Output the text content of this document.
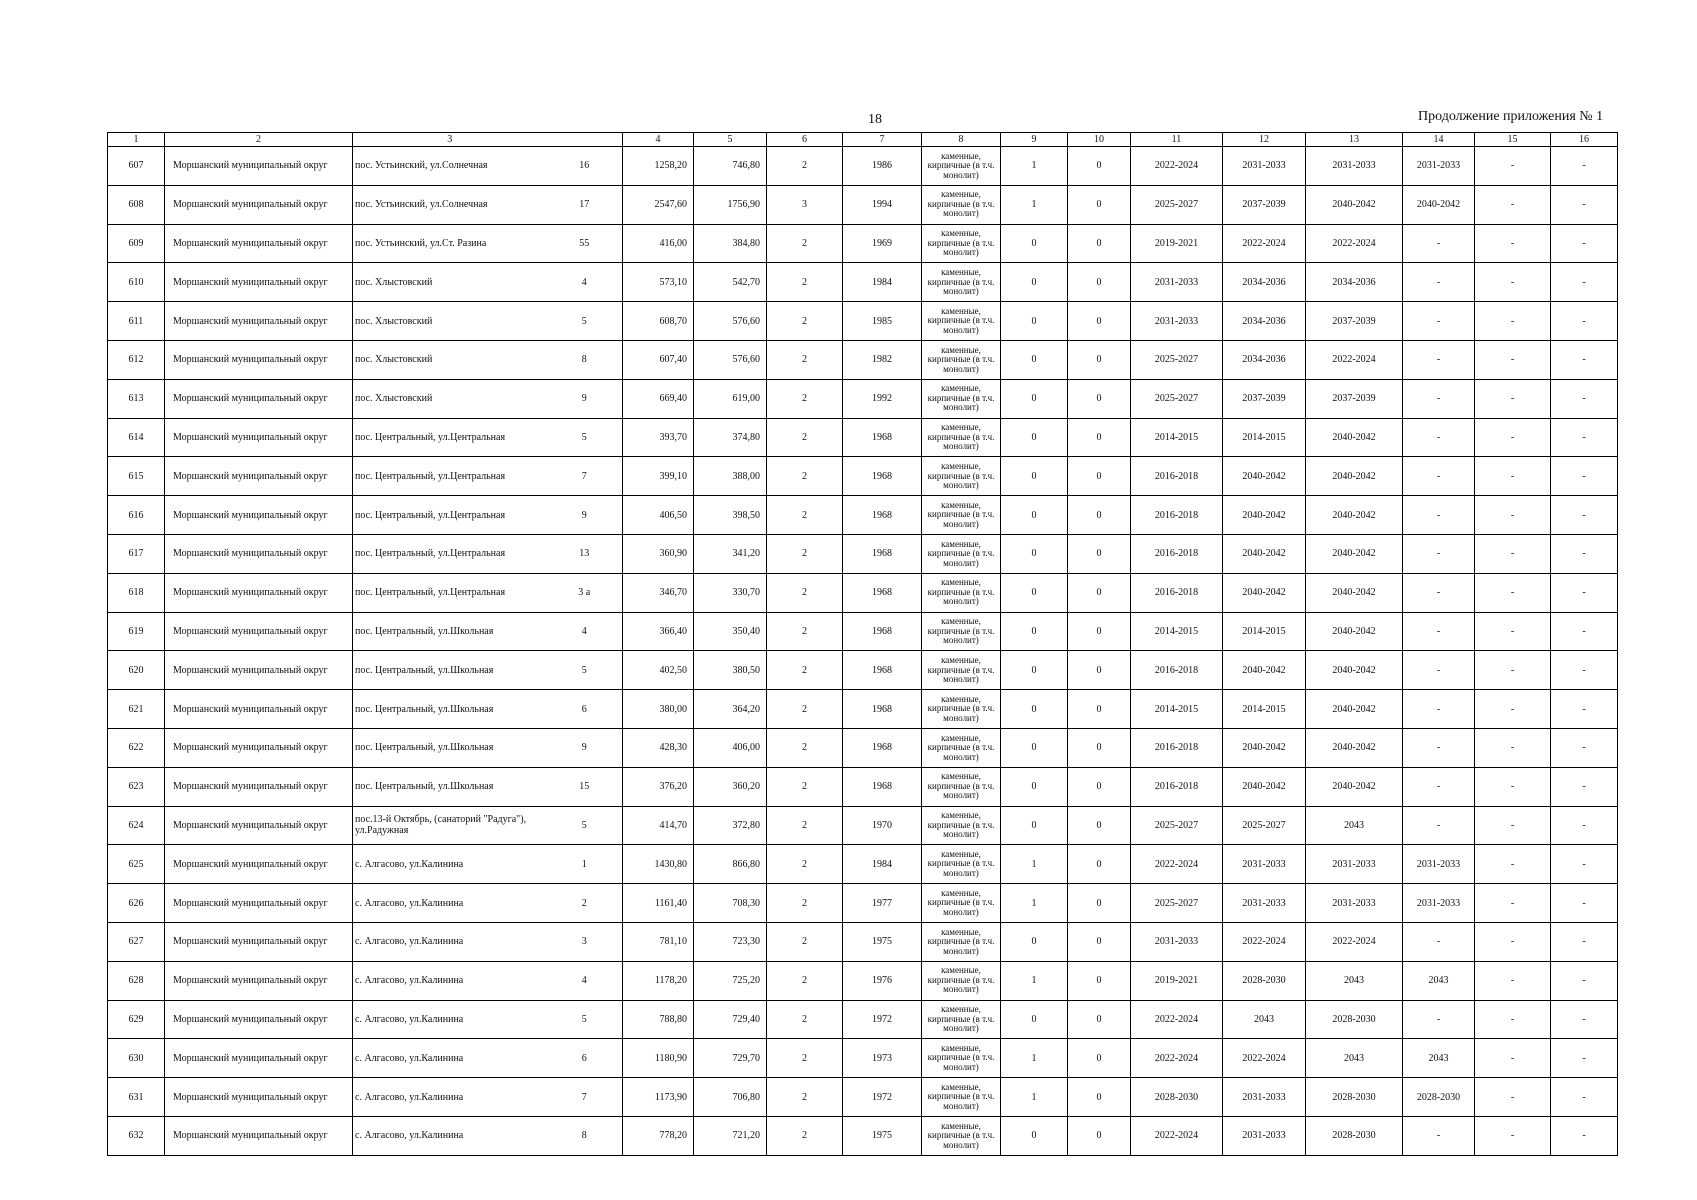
18	Продолжение приложения № 1
1	2	3		4	5	6	7	8	9	10	11	12	13	14	15	16
607	Моршанский муниципальный округ	пос. Устьинский, ул.Солнечная	16	1258,20	746,80	2	1986	каменные, кирпичные (в т.ч. монолит)	1	0	2022-2024	2031-2033	2031-2033	2031-2033	-	-
608	Моршанский муниципальный округ	пос. Устьинский, ул.Солнечная	17	2547,60	1756,90	3	1994	каменные, кирпичные (в т.ч. монолит)	1	0	2025-2027	2037-2039	2040-2042	2040-2042	-	-
609	Моршанский муниципальный округ	пос. Устьинский, ул.Ст. Разина	55	416,00	384,80	2	1969	каменные, кирпичные (в т.ч. монолит)	0	0	2019-2021	2022-2024	2022-2024	-	-	-
610	Моршанский муниципальный округ	пос. Хлыстовский	4	573,10	542,70	2	1984	каменные, кирпичные (в т.ч. монолит)	0	0	2031-2033	2034-2036	2034-2036	-	-	-
611	Моршанский муниципальный округ	пос. Хлыстовский	5	608,70	576,60	2	1985	каменные, кирпичные (в т.ч. монолит)	0	0	2031-2033	2034-2036	2037-2039	-	-	-
612	Моршанский муниципальный округ	пос. Хлыстовский	8	607,40	576,60	2	1982	каменные, кирпичные (в т.ч. монолит)	0	0	2025-2027	2034-2036	2022-2024	-	-	-
613	Моршанский муниципальный округ	пос. Хлыстовский	9	669,40	619,00	2	1992	каменные, кирпичные (в т.ч. монолит)	0	0	2025-2027	2037-2039	2037-2039	-	-	-
614	Моршанский муниципальный округ	пос. Центральный, ул.Центральная	5	393,70	374,80	2	1968	каменные, кирпичные (в т.ч. монолит)	0	0	2014-2015	2014-2015	2040-2042	-	-	-
615	Моршанский муниципальный округ	пос. Центральный, ул.Центральная	7	399,10	388,00	2	1968	каменные, кирпичные (в т.ч. монолит)	0	0	2016-2018	2040-2042	2040-2042	-	-	-
616	Моршанский муниципальный округ	пос. Центральный, ул.Центральная	9	406,50	398,50	2	1968	каменные, кирпичные (в т.ч. монолит)	0	0	2016-2018	2040-2042	2040-2042	-	-	-
617	Моршанский муниципальный округ	пос. Центральный, ул.Центральная	13	360,90	341,20	2	1968	каменные, кирпичные (в т.ч. монолит)	0	0	2016-2018	2040-2042	2040-2042	-	-	-
618	Моршанский муниципальный округ	пос. Центральный, ул.Центральная	3 а	346,70	330,70	2	1968	каменные, кирпичные (в т.ч. монолит)	0	0	2016-2018	2040-2042	2040-2042	-	-	-
619	Моршанский муниципальный округ	пос. Центральный, ул.Школьная	4	366,40	350,40	2	1968	каменные, кирпичные (в т.ч. монолит)	0	0	2014-2015	2014-2015	2040-2042	-	-	-
620	Моршанский муниципальный округ	пос. Центральный, ул.Школьная	5	402,50	380,50	2	1968	каменные, кирпичные (в т.ч. монолит)	0	0	2016-2018	2040-2042	2040-2042	-	-	-
621	Моршанский муниципальный округ	пос. Центральный, ул.Школьная	6	380,00	364,20	2	1968	каменные, кирпичные (в т.ч. монолит)	0	0	2014-2015	2014-2015	2040-2042	-	-	-
622	Моршанский муниципальный округ	пос. Центральный, ул.Школьная	9	428,30	406,00	2	1968	каменные, кирпичные (в т.ч. монолит)	0	0	2016-2018	2040-2042	2040-2042	-	-	-
623	Моршанский муниципальный округ	пос. Центральный, ул.Школьная	15	376,20	360,20	2	1968	каменные, кирпичные (в т.ч. монолит)	0	0	2016-2018	2040-2042	2040-2042	-	-	-
624	Моршанский муниципальный округ	пос.13-й Октябрь, (санаторий "Радуга"), ул.Радужная	5	414,70	372,80	2	1970	каменные, кирпичные (в т.ч. монолит)	0	0	2025-2027	2025-2027	2043	-	-	-
625	Моршанский муниципальный округ	с. Алгасово, ул.Калинина	1	1430,80	866,80	2	1984	каменные, кирпичные (в т.ч. монолит)	1	0	2022-2024	2031-2033	2031-2033	2031-2033	-	-
626	Моршанский муниципальный округ	с. Алгасово, ул.Калинина	2	1161,40	708,30	2	1977	каменные, кирпичные (в т.ч. монолит)	1	0	2025-2027	2031-2033	2031-2033	2031-2033	-	-
627	Моршанский муниципальный округ	с. Алгасово, ул.Калинина	3	781,10	723,30	2	1975	каменные, кирпичные (в т.ч. монолит)	0	0	2031-2033	2022-2024	2022-2024	-	-	-
628	Моршанский муниципальный округ	с. Алгасово, ул.Калинина	4	1178,20	725,20	2	1976	каменные, кирпичные (в т.ч. монолит)	1	0	2019-2021	2028-2030	2043	2043	-	-
629	Моршанский муниципальный округ	с. Алгасово, ул.Калинина	5	788,80	729,40	2	1972	каменные, кирпичные (в т.ч. монолит)	0	0	2022-2024	2043	2028-2030	-	-	-
630	Моршанский муниципальный округ	с. Алгасово, ул.Калинина	6	1180,90	729,70	2	1973	каменные, кирпичные (в т.ч. монолит)	1	0	2022-2024	2022-2024	2043	2043	-	-
631	Моршанский муниципальный округ	с. Алгасово, ул.Калинина	7	1173,90	706,80	2	1972	каменные, кирпичные (в т.ч. монолит)	1	0	2028-2030	2031-2033	2028-2030	2028-2030	-	-
632	Моршанский муниципальный округ	с. Алгасово, ул.Калинина	8	778,20	721,20	2	1975	каменные, кирпичные (в т.ч. монолит)	0	0	2022-2024	2031-2033	2028-2030	-	-	-
